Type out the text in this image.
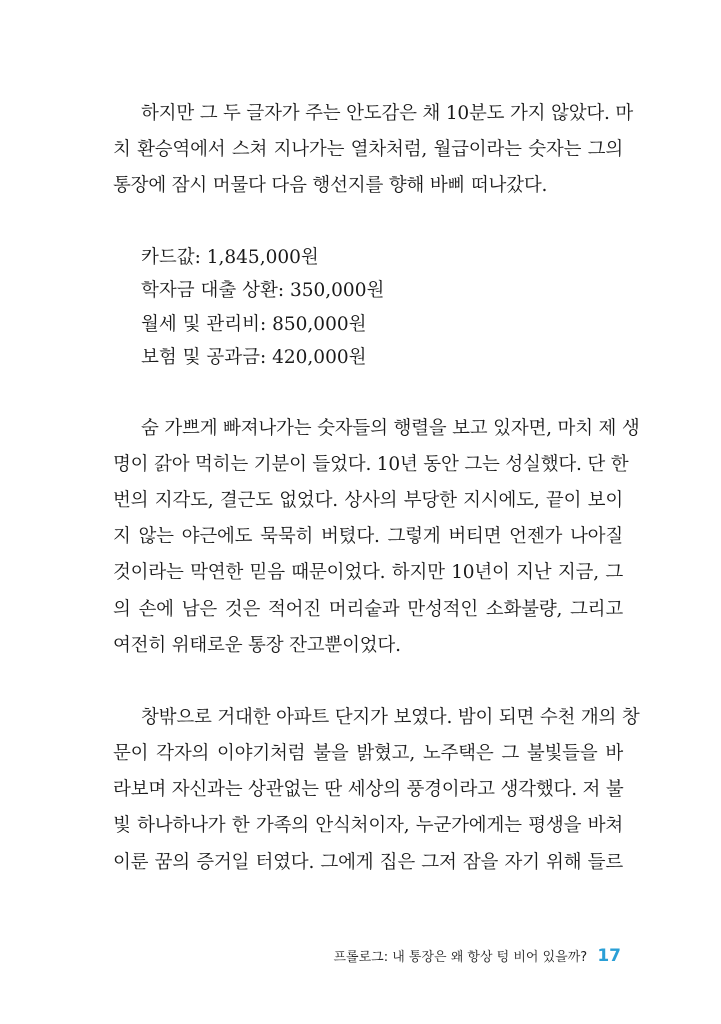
하지만 그 두 글자가 주는 안도감은 채 10분도 가지 않았다. 마
치 환승역에서 스쳐 지나가는 열차처럼, 월급이라는 숫자는 그의
통장에 잠시 머물다 다음 행선지를 향해 바삐 떠나갔다.
카드값: 1,845,000원
학자금 대출 상환: 350,000원
월세 및 관리비: 850,000원
보험 및 공과금: 420,000원
숨 가쁘게 빠져나가는 숫자들의 행렬을 보고 있자면, 마치 제 생
명이 갉아 먹히는 기분이 들었다. 10년 동안 그는 성실했다. 단 한
번의 지각도, 결근도 없었다. 상사의 부당한 지시에도, 끝이 보이
지 않는 야근에도 묵묵히 버텼다. 그렇게 버티면 언젠가 나아질
것이라는 막연한 믿음 때문이었다. 하지만 10년이 지난 지금, 그
의 손에 남은 것은 적어진 머리숱과 만성적인 소화불량, 그리고
여전히 위태로운 통장 잔고뿐이었다.
창밖으로 거대한 아파트 단지가 보였다. 밤이 되면 수천 개의 창
문이 각자의 이야기처럼 불을 밝혔고, 노주택은 그 불빛들을 바
라보며 자신과는 상관없는 딴 세상의 풍경이라고 생각했다. 저 불
빛 하나하나가 한 가족의 안식처이자, 누군가에게는 평생을 바쳐
이룬 꿈의 증거일 터였다. 그에게 집은 그저 잠을 자기 위해 들르
프롤로그: 내 통장은 왜 항상 텅 비어 있을까? 17
